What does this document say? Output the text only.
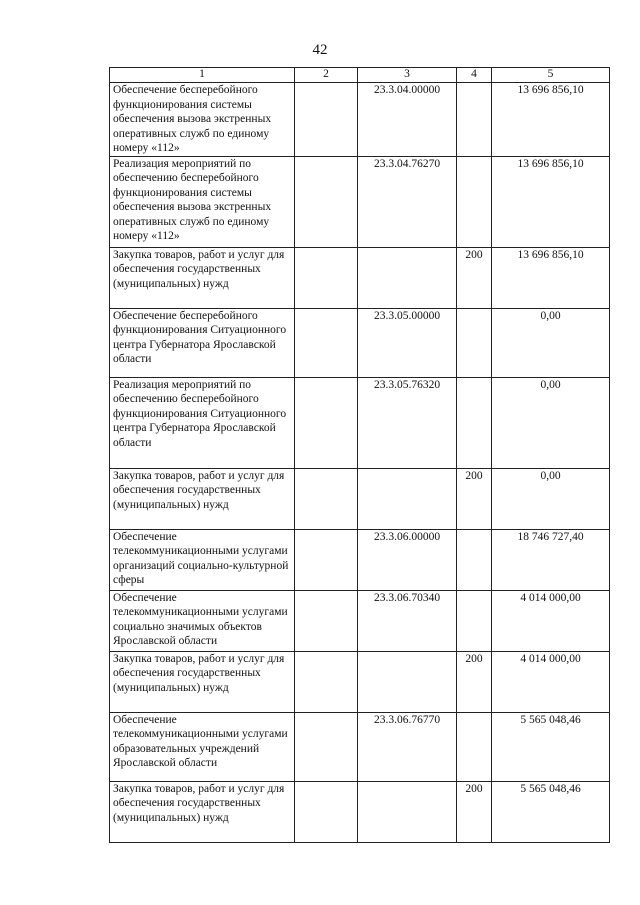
42
1	2	3	4	5
Обеспечение бесперебойного функционирования системы обеспечения вызова экстренных оперативных служб по единому номеру «112»		23.3.04.00000		13 696 856,10
Реализация мероприятий по обеспечению бесперебойного функционирования системы обеспечения вызова экстренных оперативных служб по единому номеру «112»		23.3.04.76270		13 696 856,10
Закупка товаров, работ и услуг для обеспечения государственных (муниципальных) нужд			200	13 696 856,10
Обеспечение бесперебойного функционирования Ситуационного центра Губернатора Ярославской области		23.3.05.00000		0,00
Реализация мероприятий по обеспечению бесперебойного функционирования Ситуационного центра Губернатора Ярославской области		23.3.05.76320		0,00
Закупка товаров, работ и услуг для обеспечения государственных (муниципальных) нужд			200	0,00
Обеспечение телекоммуникационными услугами организаций социально-культурной сферы		23.3.06.00000		18 746 727,40
Обеспечение телекоммуникационными услугами социально значимых объектов Ярославской области		23.3.06.70340		4 014 000,00
Закупка товаров, работ и услуг для обеспечения государственных (муниципальных) нужд			200	4 014 000,00
Обеспечение телекоммуникационными услугами образовательных учреждений Ярославской области		23.3.06.76770		5 565 048,46
Закупка товаров, работ и услуг для обеспечения государственных (муниципальных) нужд			200	5 565 048,46
